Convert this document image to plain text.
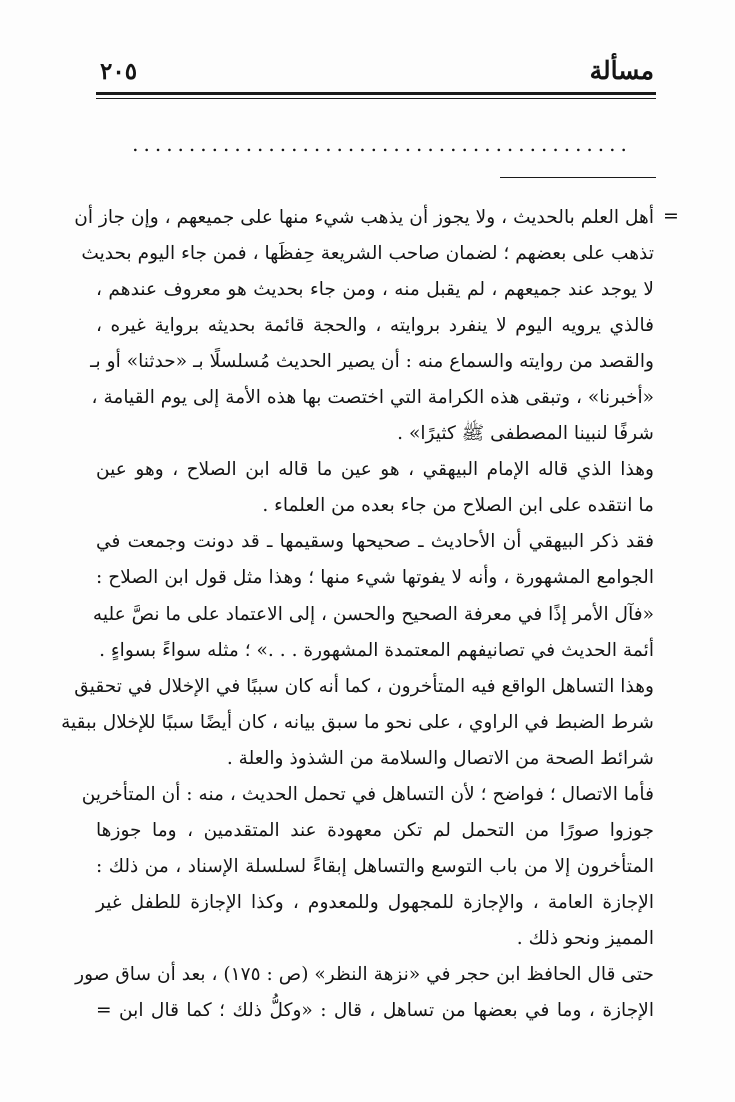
مسألة
٢٠٥
............................................
=
أهل العلم بالحديث ، ولا يجوز أن يذهب شيء منها على جميعهم ، وإن جاز أن
تذهب على بعضهم ؛ لضمان صاحب الشريعة حِفظَها ، فمن جاء اليوم بحديث
لا يوجد عند جميعهم ، لم يقبل منه ، ومن جاء بحديث هو معروف عندهم ،
فالذي يرويه اليوم لا ينفرد بروايته ، والحجة قائمة بحديثه برواية غيره ،
والقصد من روايته والسماع منه : أن يصير الحديث مُسلسلًا بـ «حدثنا» أو بـ
«أخبرنا» ، وتبقى هذه الكرامة التي اختصت بها هذه الأمة إلى يوم القيامة ،
شرفًا لنبينا المصطفى ﷺ كثيرًا» .
وهذا الذي قاله الإمام البيهقي ، هو عين ما قاله ابن الصلاح ، وهو عين
ما انتقده على ابن الصلاح من جاء بعده من العلماء .
فقد ذكر البيهقي أن الأحاديث ـ صحيحها وسقيمها ـ قد دونت وجمعت في
الجوامع المشهورة ، وأنه لا يفوتها شيء منها ؛ وهذا مثل قول ابن الصلاح :
«فآل الأمر إذًا في معرفة الصحيح والحسن ، إلى الاعتماد على ما نصَّ عليه
أئمة الحديث في تصانيفهم المعتمدة المشهورة . . .» ؛ مثله سواءً بسواءٍ .
وهذا التساهل الواقع فيه المتأخرون ، كما أنه كان سببًا في الإخلال في تحقيق
شرط الضبط في الراوي ، على نحو ما سبق بيانه ، كان أيضًا سببًا للإخلال ببقية
شرائط الصحة من الاتصال والسلامة من الشذوذ والعلة .
فأما الاتصال ؛ فواضح ؛ لأن التساهل في تحمل الحديث ، منه : أن المتأخرين
جوزوا صورًا من التحمل لم تكن معهودة عند المتقدمين ، وما جوزها
المتأخرون إلا من باب التوسع والتساهل إبقاءً لسلسلة الإسناد ، من ذلك :
الإجازة العامة ، والإجازة للمجهول وللمعدوم ، وكذا الإجازة للطفل غير
المميز ونحو ذلك .
حتى قال الحافظ ابن حجر في «نزهة النظر» (ص : ١٧٥) ، بعد أن ساق صور
الإجازة ، وما في بعضها من تساهل ، قال : «وكلُّ ذلك ؛ كما قال ابن =
